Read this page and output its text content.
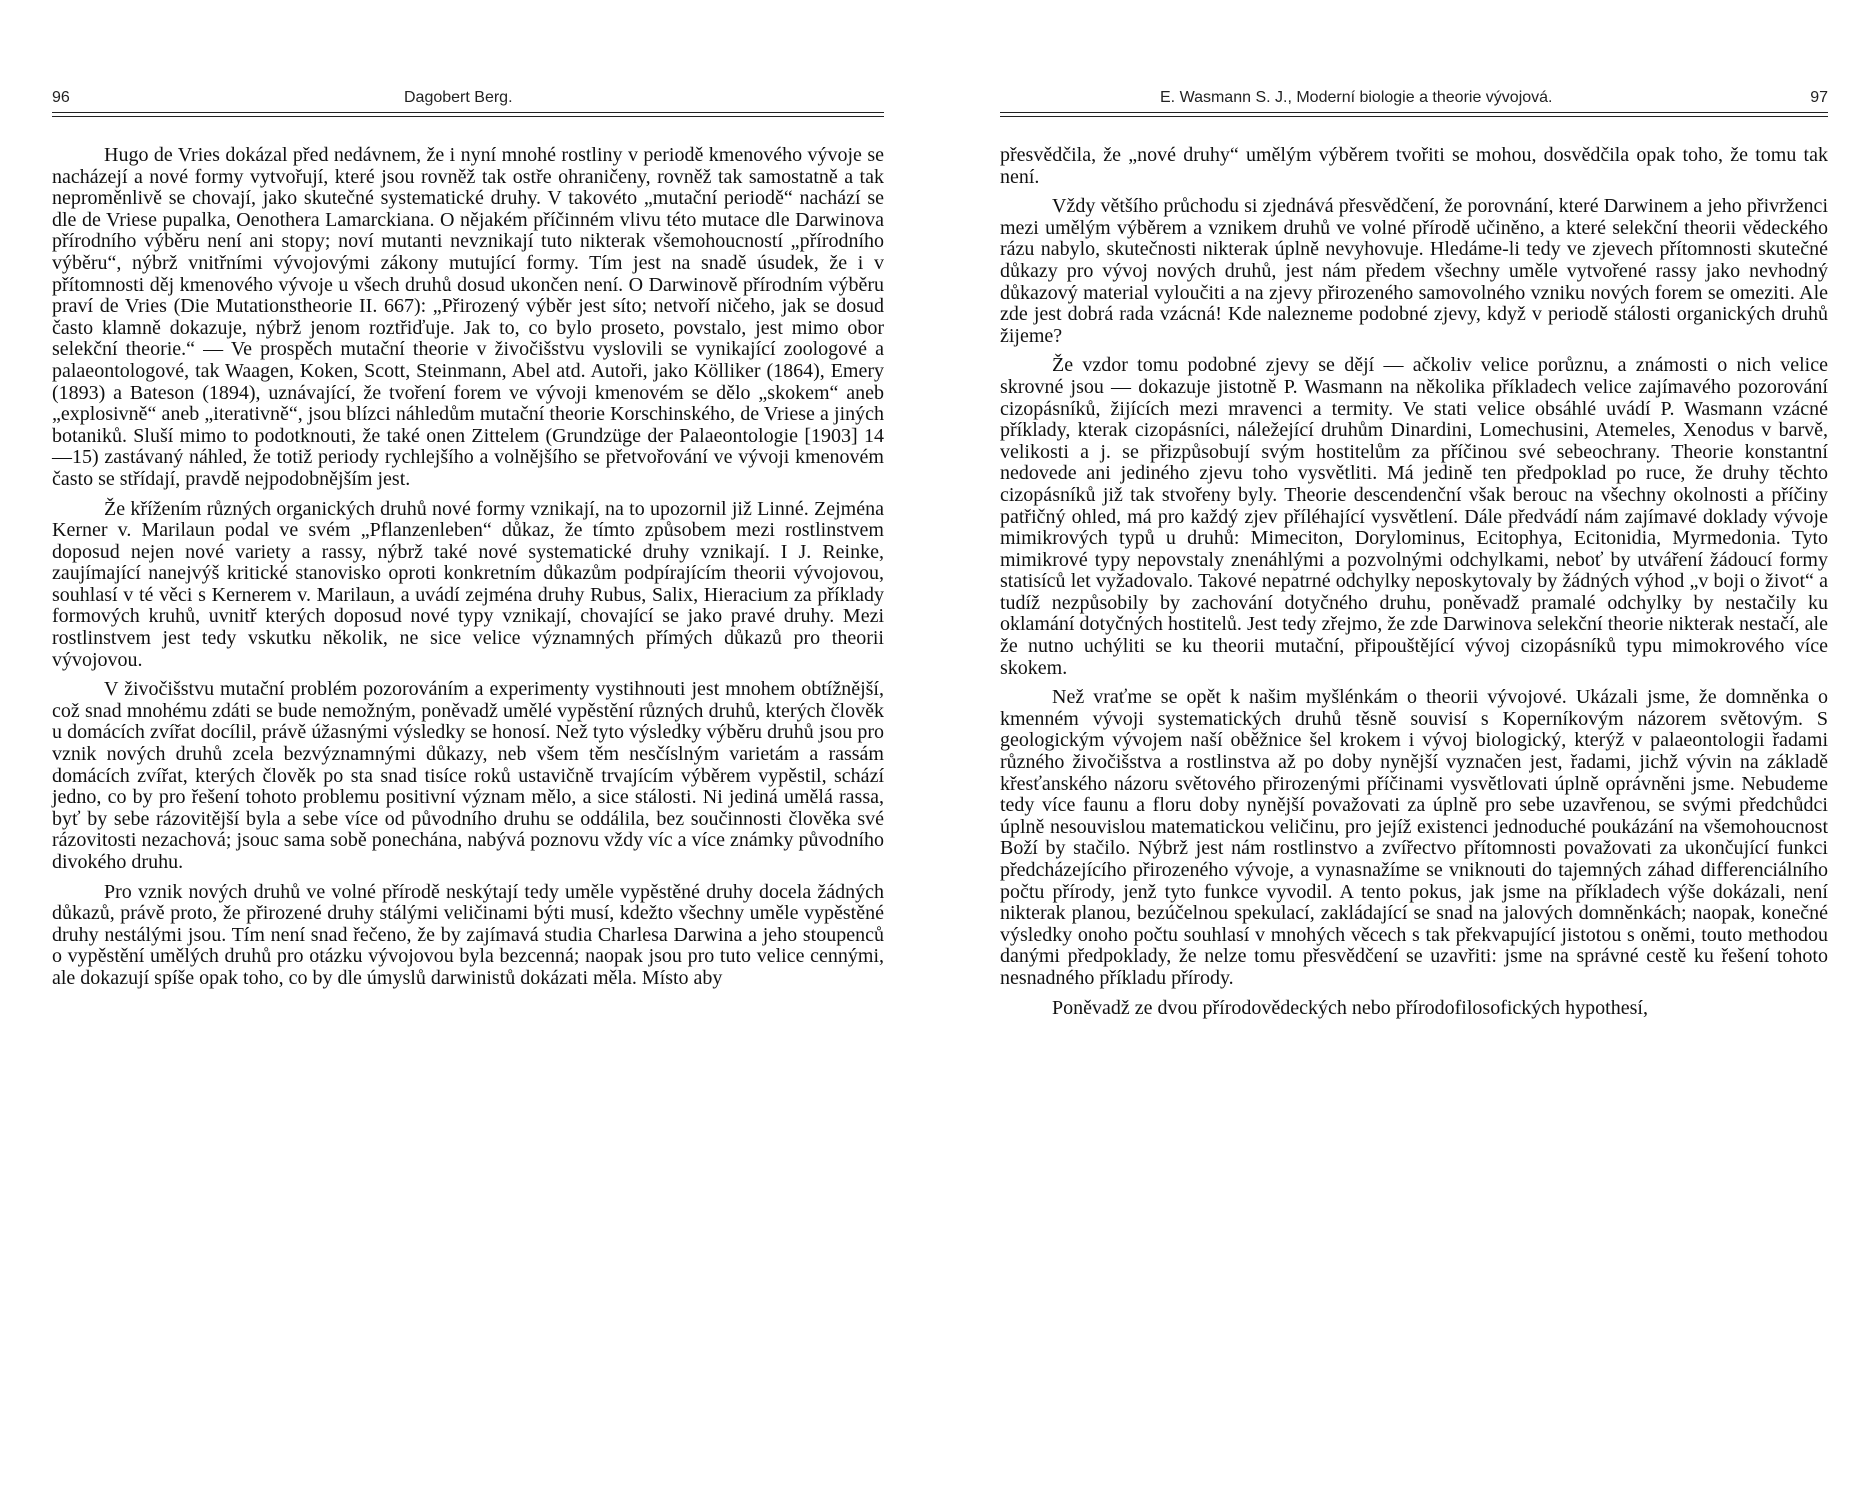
96	Dagobert Berg.

Hugo de Vries dokázal před nedávnem, že i nyní mnohé rostliny v periodě kmenového vývoje se nacházejí a nové formy vytvořují, které jsou rovněž tak ostře ohraničeny, rovněž tak samostatně a tak neproměnlivě se chovají, jako skutečné systematické druhy. V takovéto „mutační periodě“ nachází se dle de Vriese pupalka, Oenothera Lamarckiana. O nějakém příčinném vlivu této mutace dle Darwinova přírodního výběru není ani stopy; noví mutanti nevznikají tuto nikterak všemohoucností „přírodního výběru“, nýbrž vnitřními vývojovými zákony mutující formy. Tím jest na snadě úsudek, že i v přítomnosti děj kmenového vývoje u všech druhů dosud ukončen není. O Darwinově přírodním výběru praví de Vries (Die Mutationstheorie II. 667): „Přirozený výběr jest síto; netvoří ničeho, jak se dosud často klamně dokazuje, nýbrž jenom roztřiďuje. Jak to, co bylo proseto, povstalo, jest mimo obor selekční theorie.“ — Ve prospěch mutační theorie v živočišstvu vyslovili se vynikající zoologové a palaeontologové, tak Waagen, Koken, Scott, Steinmann, Abel atd. Autoři, jako Kölliker (1864), Emery (1893) a Bateson (1894), uznávající, že tvoření forem ve vývoji kmenovém se dělo „skokem“ aneb „explosivně“ aneb „iterativně“, jsou blízci náhledům mutační theorie Korschinského, de Vriese a jiných botaniků. Sluší mimo to podotknouti, že také onen Zittelem (Grundzüge der Palaeontologie [1903] 14—15) zastávaný náhled, že totiž periody rychlejšího a volnějšího se přetvořování ve vývoji kmenovém často se střídají, pravdě nejpodobnějším jest.

Že křížením různých organických druhů nové formy vznikají, na to upozornil již Linné. Zejména Kerner v. Marilaun podal ve svém „Pflanzenleben“ důkaz, že tímto způsobem mezi rostlinstvem doposud nejen nové variety a rassy, nýbrž také nové systematické druhy vznikají. I J. Reinke, zaujímající nanejvýš kritické stanovisko oproti konkretním důkazům podpírajícím theorii vývojovou, souhlasí v té věci s Kernerem v. Marilaun, a uvádí zejména druhy Rubus, Salix, Hieracium za příklady formových kruhů, uvnitř kterých doposud nové typy vznikají, chovající se jako pravé druhy. Mezi rostlinstvem jest tedy vskutku několik, ne sice velice významných přímých důkazů pro theorii vývojovou.

V živočišstvu mutační problém pozorováním a experimenty vystihnouti jest mnohem obtížnější, což snad mnohému zdáti se bude nemožným, poněvadž umělé vypěstění různých druhů, kterých člověk u domácích zvířat docílil, právě úžasnými výsledky se honosí. Než tyto výsledky výběru druhů jsou pro vznik nových druhů zcela bezvýznamnými důkazy, neb všem těm nesčíslným varietám a rassám domácích zvířat, kterých člověk po sta snad tisíce roků ustavičně trvajícím výběrem vypěstil, schází jedno, co by pro řešení tohoto problemu positivní význam mělo, a sice stálosti. Ni jediná umělá rassa, byť by sebe rázovitější byla a sebe více od původního druhu se oddálila, bez součinnosti člověka své rázovitosti nezachová; jsouc sama sobě ponechána, nabývá poznovu vždy víc a více známky původního divokého druhu.

Pro vznik nových druhů ve volné přírodě neskýtají tedy uměle vypěstěné druhy docela žádných důkazů, právě proto, že přirozené druhy stálými veličinami býti musí, kdežto všechny uměle vypěstěné druhy nestálými jsou. Tím není snad řečeno, že by zajímavá studia Charlesa Darwina a jeho stoupenců o vypěstění umělých druhů pro otázku vývojovou byla bezcenná; naopak jsou pro tuto velice cennými, ale dokazují spíše opak toho, co by dle úmyslů darwinistů dokázati měla. Místo aby

E. Wasmann S. J., Moderní biologie a theorie vývojová.	97

přesvědčila, že „nové druhy“ umělým výběrem tvořiti se mohou, dosvědčila opak toho, že tomu tak není.

Vždy většího průchodu si zjednává přesvědčení, že porovnání, které Darwinem a jeho přivrženci mezi umělým výběrem a vznikem druhů ve volné přírodě učiněno, a které selekční theorii vědeckého rázu nabylo, skutečnosti nikterak úplně nevyhovuje. Hledáme-li tedy ve zjevech přítomnosti skutečné důkazy pro vývoj nových druhů, jest nám předem všechny uměle vytvořené rassy jako nevhodný důkazový material vyloučiti a na zjevy přirozeného samovolného vzniku nových forem se omeziti. Ale zde jest dobrá rada vzácná! Kde nalezneme podobné zjevy, když v periodě stálosti organických druhů žijeme?

Že vzdor tomu podobné zjevy se dějí — ačkoliv velice porůznu, a známosti o nich velice skrovné jsou — dokazuje jistotně P. Wasmann na několika příkladech velice zajímavého pozorování cizopásníků, žijících mezi mravenci a termity. Ve stati velice obsáhlé uvádí P. Wasmann vzácné příklady, kterak cizopásníci, náležející druhům Dinardini, Lomechusini, Atemeles, Xenodus v barvě, velikosti a j. se přizpůsobují svým hostitelům za příčinou své sebeochrany. Theorie konstantní nedovede ani jediného zjevu toho vysvětliti. Má jedině ten předpoklad po ruce, že druhy těchto cizopásníků již tak stvořeny byly. Theorie descendenční však berouc na všechny okolnosti a příčiny patřičný ohled, má pro každý zjev příléhající vysvětlení. Dále předvádí nám zajímavé doklady vývoje mimikrových typů u druhů: Mimeciton, Dorylominus, Ecitophya, Ecitonidia, Myrmedonia. Tyto mimikrové typy nepovstaly znenáhlými a pozvolnými odchylkami, neboť by utváření žádoucí formy statisíců let vyžadovalo. Takové nepatrné odchylky neposkytovaly by žádných výhod „v boji o život“ a tudíž nezpůsobily by zachování dotyčného druhu, poněvadž pramalé odchylky by nestačily ku oklamání dotyčných hostitelů. Jest tedy zřejmo, že zde Darwinova selekční theorie nikterak nestačí, ale že nutno uchýliti se ku theorii mutační, připouštějící vývoj cizopásníků typu mimokrového více skokem.

Než vraťme se opět k našim myšlénkám o theorii vývojové. Ukázali jsme, že domněnka o kmenném vývoji systematických druhů těsně souvisí s Koperníkovým názorem světovým. S geologickým vývojem naší oběžnice šel krokem i vývoj biologický, kterýž v palaeontologii řadami různého živočišstva a rostlinstva až po doby nynější vyznačen jest, řadami, jichž vývin na základě křesťanského názoru světového přirozenými příčinami vysvětlovati úplně oprávněni jsme. Nebudeme tedy více faunu a floru doby nynější považovati za úplně pro sebe uzavřenou, se svými předchůdci úplně nesouvislou matematickou veličinu, pro jejíž existenci jednoduché poukázání na všemohoucnost Boží by stačilo. Nýbrž jest nám rostlinstvo a zvířectvo přítomnosti považovati za ukončující funkci předcházejícího přirozeného vývoje, a vynasnažíme se vniknouti do tajemných záhad differenciálního počtu přírody, jenž tyto funkce vyvodil. A tento pokus, jak jsme na příkladech výše dokázali, není nikterak planou, bezúčelnou spekulací, zakládající se snad na jalových domněnkách; naopak, konečné výsledky onoho počtu souhlasí v mnohých věcech s tak překvapující jistotou s oněmi, touto methodou danými předpoklady, že nelze tomu přesvědčení se uzavřiti: jsme na správné cestě ku řešení tohoto nesnadného příkladu přírody.

Poněvadž ze dvou přírodovědeckých nebo přírodofilosofických hypothesí,
